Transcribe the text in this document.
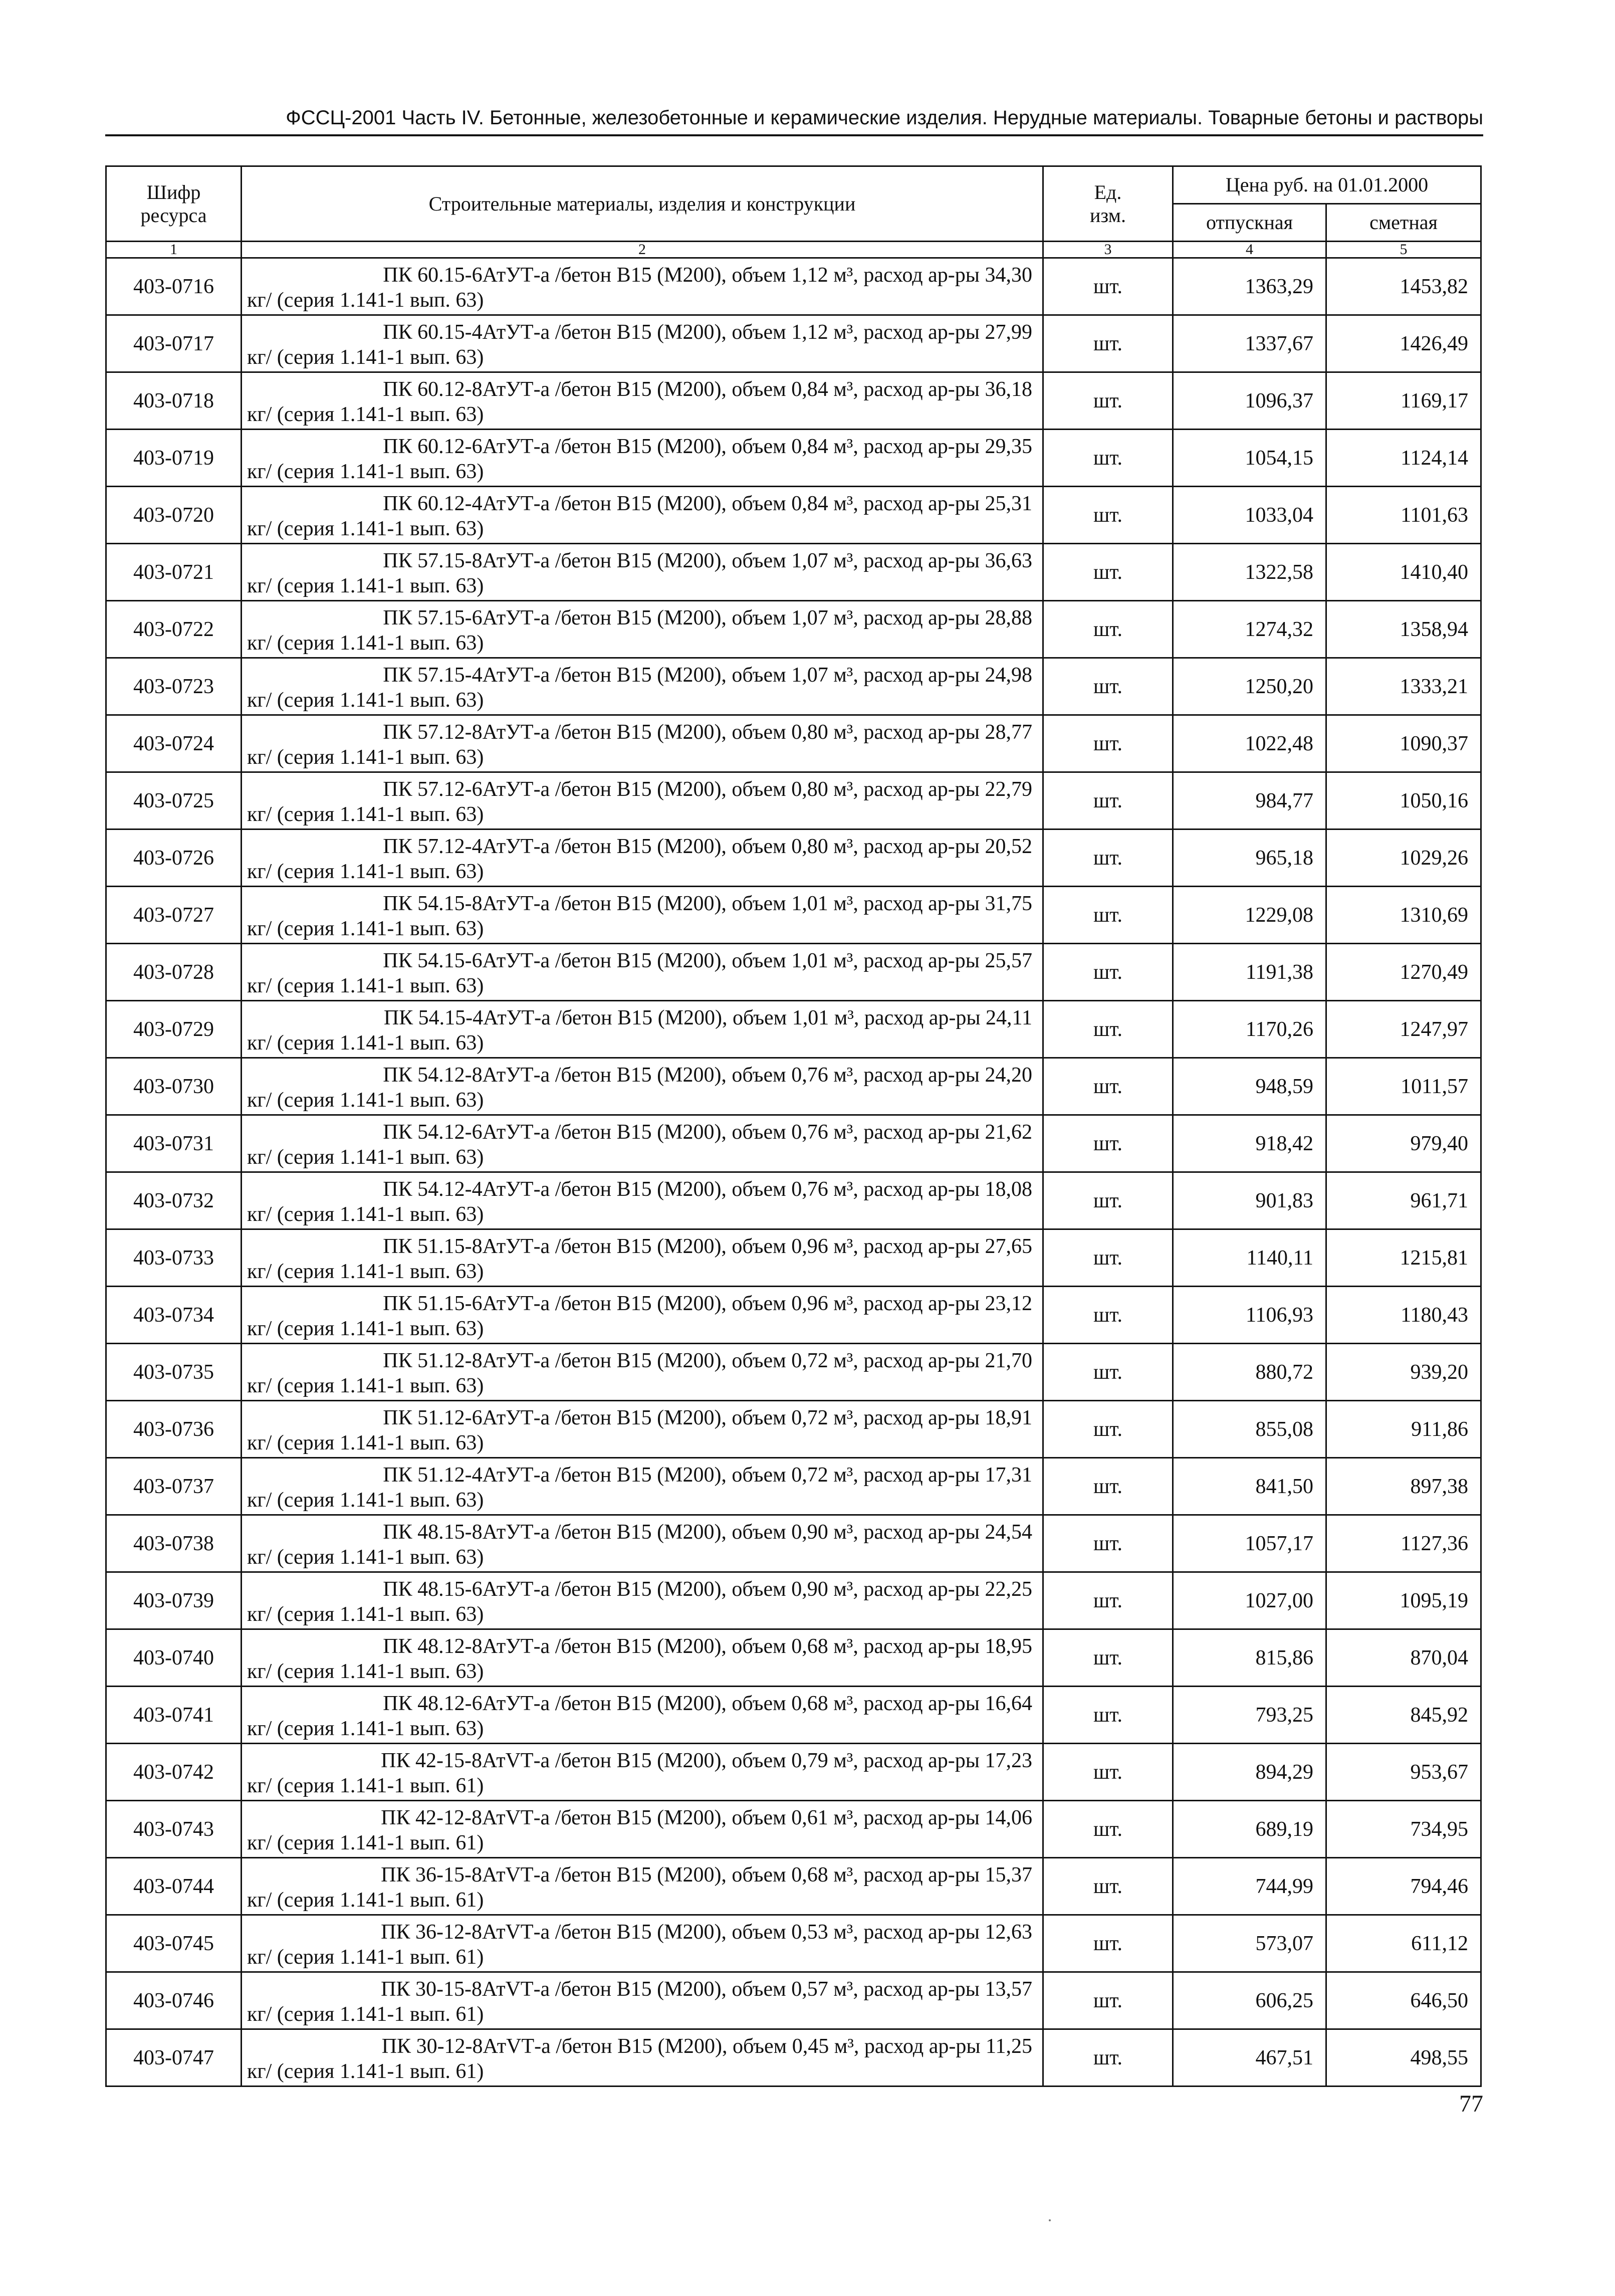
ФССЦ-2001 Часть IV. Бетонные, железобетонные и керамические изделия. Нерудные материалы. Товарные бетоны и растворы
Шифр ресурса	Строительные материалы, изделия и конструкции	Ед. изм.	Цена руб. на 01.01.2000	
			отпускная	сметная
1	2	3	4	5
403-0716	ПК 60.15-6АтУТ-а /бетон В15 (М200), объем 1,12 м³, расход ар-ры 34,30
кг/ (серия 1.141-1 вып. 63)	шт.	1363,29	1453,82
403-0717	ПК 60.15-4АтУТ-а /бетон В15 (М200), объем 1,12 м³, расход ар-ры 27,99
кг/ (серия 1.141-1 вып. 63)	шт.	1337,67	1426,49
403-0718	ПК 60.12-8АтУТ-а /бетон В15 (М200), объем 0,84 м³, расход ар-ры 36,18
кг/ (серия 1.141-1 вып. 63)	шт.	1096,37	1169,17
403-0719	ПК 60.12-6АтУТ-а /бетон В15 (М200), объем 0,84 м³, расход ар-ры 29,35
кг/ (серия 1.141-1 вып. 63)	шт.	1054,15	1124,14
403-0720	ПК 60.12-4АтУТ-а /бетон В15 (М200), объем 0,84 м³, расход ар-ры 25,31
кг/ (серия 1.141-1 вып. 63)	шт.	1033,04	1101,63
403-0721	ПК 57.15-8АтУТ-а /бетон В15 (М200), объем 1,07 м³, расход ар-ры 36,63
кг/ (серия 1.141-1 вып. 63)	шт.	1322,58	1410,40
403-0722	ПК 57.15-6АтУТ-а /бетон В15 (М200), объем 1,07 м³, расход ар-ры 28,88
кг/ (серия 1.141-1 вып. 63)	шт.	1274,32	1358,94
403-0723	ПК 57.15-4АтУТ-а /бетон В15 (М200), объем 1,07 м³, расход ар-ры 24,98
кг/ (серия 1.141-1 вып. 63)	шт.	1250,20	1333,21
403-0724	ПК 57.12-8АтУТ-а /бетон В15 (М200), объем 0,80 м³, расход ар-ры 28,77
кг/ (серия 1.141-1 вып. 63)	шт.	1022,48	1090,37
403-0725	ПК 57.12-6АтУТ-а /бетон В15 (М200), объем 0,80 м³, расход ар-ры 22,79
кг/ (серия 1.141-1 вып. 63)	шт.	984,77	1050,16
403-0726	ПК 57.12-4АтУТ-а /бетон В15 (М200), объем 0,80 м³, расход ар-ры 20,52
кг/ (серия 1.141-1 вып. 63)	шт.	965,18	1029,26
403-0727	ПК 54.15-8АтУТ-а /бетон В15 (М200), объем 1,01 м³, расход ар-ры 31,75
кг/ (серия 1.141-1 вып. 63)	шт.	1229,08	1310,69
403-0728	ПК 54.15-6АтУТ-а /бетон В15 (М200), объем 1,01 м³, расход ар-ры 25,57
кг/ (серия 1.141-1 вып. 63)	шт.	1191,38	1270,49
403-0729	ПК 54.15-4АтУТ-а /бетон В15 (М200), объем 1,01 м³, расход ар-ры 24,11
кг/ (серия 1.141-1 вып. 63)	шт.	1170,26	1247,97
403-0730	ПК 54.12-8АтУТ-а /бетон В15 (М200), объем 0,76 м³, расход ар-ры 24,20
кг/ (серия 1.141-1 вып. 63)	шт.	948,59	1011,57
403-0731	ПК 54.12-6АтУТ-а /бетон В15 (М200), объем 0,76 м³, расход ар-ры 21,62
кг/ (серия 1.141-1 вып. 63)	шт.	918,42	979,40
403-0732	ПК 54.12-4АтУТ-а /бетон В15 (М200), объем 0,76 м³, расход ар-ры 18,08
кг/ (серия 1.141-1 вып. 63)	шт.	901,83	961,71
403-0733	ПК 51.15-8АтУТ-а /бетон В15 (М200), объем 0,96 м³, расход ар-ры 27,65
кг/ (серия 1.141-1 вып. 63)	шт.	1140,11	1215,81
403-0734	ПК 51.15-6АтУТ-а /бетон В15 (М200), объем 0,96 м³, расход ар-ры 23,12
кг/ (серия 1.141-1 вып. 63)	шт.	1106,93	1180,43
403-0735	ПК 51.12-8АтУТ-а /бетон В15 (М200), объем 0,72 м³, расход ар-ры 21,70
кг/ (серия 1.141-1 вып. 63)	шт.	880,72	939,20
403-0736	ПК 51.12-6АтУТ-а /бетон В15 (М200), объем 0,72 м³, расход ар-ры 18,91
кг/ (серия 1.141-1 вып. 63)	шт.	855,08	911,86
403-0737	ПК 51.12-4АтУТ-а /бетон В15 (М200), объем 0,72 м³, расход ар-ры 17,31
кг/ (серия 1.141-1 вып. 63)	шт.	841,50	897,38
403-0738	ПК 48.15-8АтУТ-а /бетон В15 (М200), объем 0,90 м³, расход ар-ры 24,54
кг/ (серия 1.141-1 вып. 63)	шт.	1057,17	1127,36
403-0739	ПК 48.15-6АтУТ-а /бетон В15 (М200), объем 0,90 м³, расход ар-ры 22,25
кг/ (серия 1.141-1 вып. 63)	шт.	1027,00	1095,19
403-0740	ПК 48.12-8АтУТ-а /бетон В15 (М200), объем 0,68 м³, расход ар-ры 18,95
кг/ (серия 1.141-1 вып. 63)	шт.	815,86	870,04
403-0741	ПК 48.12-6АтУТ-а /бетон В15 (М200), объем 0,68 м³, расход ар-ры 16,64
кг/ (серия 1.141-1 вып. 63)	шт.	793,25	845,92
403-0742	ПК 42-15-8АтVТ-а /бетон В15 (М200), объем 0,79 м³, расход ар-ры 17,23
кг/ (серия 1.141-1 вып. 61)	шт.	894,29	953,67
403-0743	ПК 42-12-8АтVТ-а /бетон В15 (М200), объем 0,61 м³, расход ар-ры 14,06
кг/ (серия 1.141-1 вып. 61)	шт.	689,19	734,95
403-0744	ПК 36-15-8АтVТ-а /бетон В15 (М200), объем 0,68 м³, расход ар-ры 15,37
кг/ (серия 1.141-1 вып. 61)	шт.	744,99	794,46
403-0745	ПК 36-12-8АтVТ-а /бетон В15 (М200), объем 0,53 м³, расход ар-ры 12,63
кг/ (серия 1.141-1 вып. 61)	шт.	573,07	611,12
403-0746	ПК 30-15-8АтVТ-а /бетон В15 (М200), объем 0,57 м³, расход ар-ры 13,57
кг/ (серия 1.141-1 вып. 61)	шт.	606,25	646,50
403-0747	ПК 30-12-8АтVТ-а /бетон В15 (М200), объем 0,45 м³, расход ар-ры 11,25
кг/ (серия 1.141-1 вып. 61)	шт.	467,51	498,55
77
